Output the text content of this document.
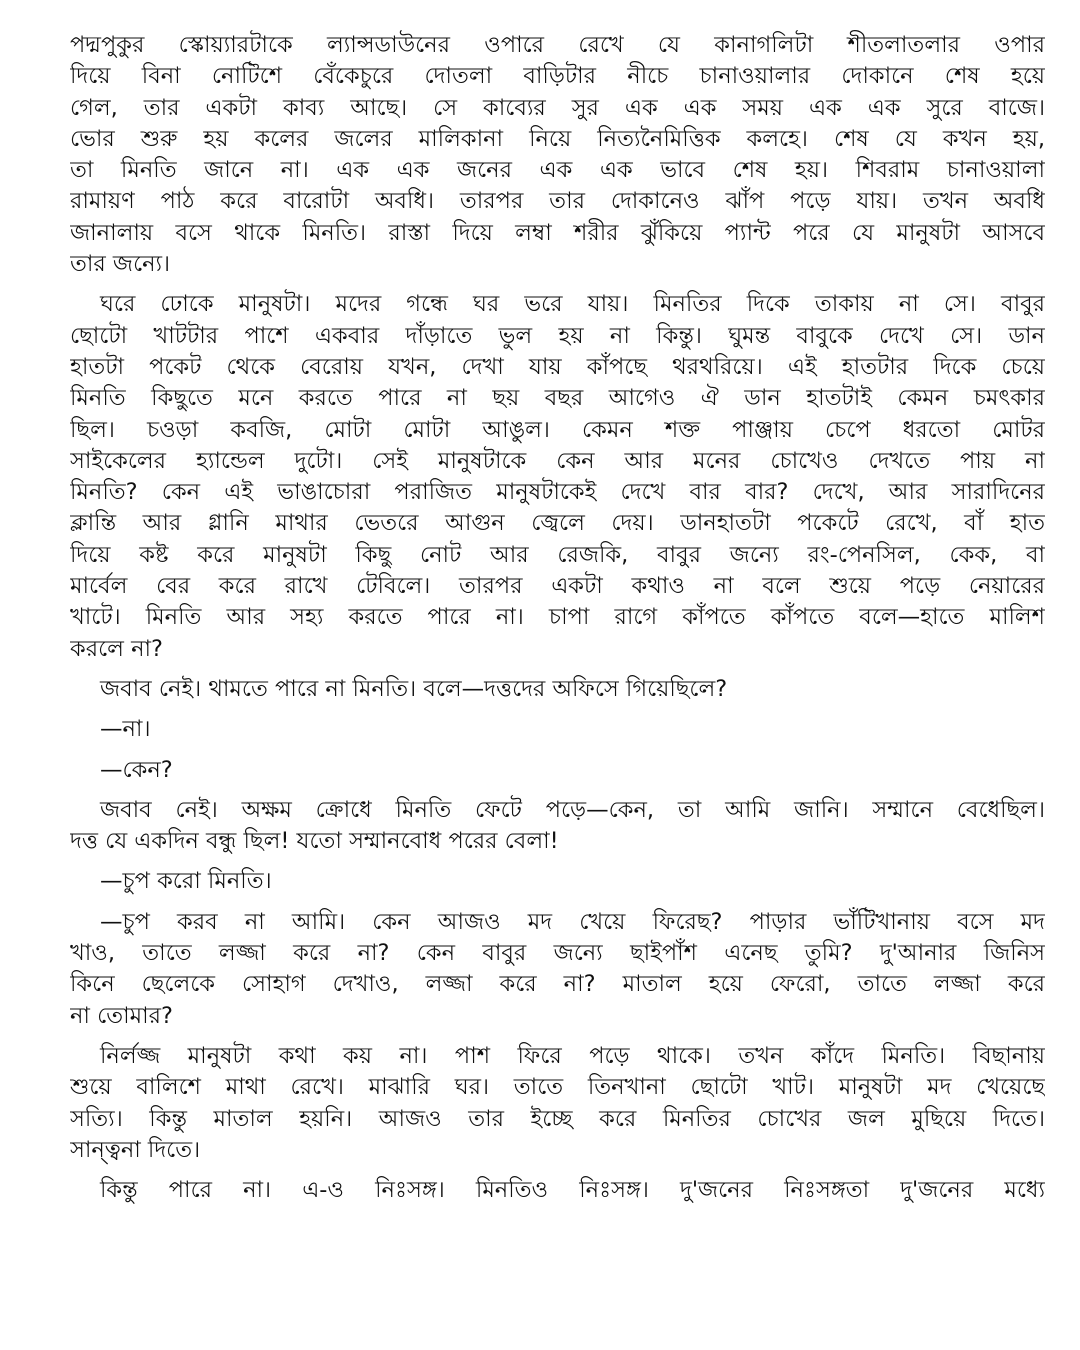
পদ্মপুকুর স্কোয়্যারটাকে ল্যান্সডাউনের ওপারে রেখে যে কানাগলিটা শীতলাতলার ওপার
দিয়ে বিনা নোটিশে বেঁকেচুরে দোতলা বাড়িটার নীচে চানাওয়ালার দোকানে শেষ হয়ে
গেল, তার একটা কাব্য আছে। সে কাব্যের সুর এক এক সময় এক এক সুরে বাজে।
ভোর শুরু হয় কলের জলের মালিকানা নিয়ে নিত্যনৈমিত্তিক কলহে। শেষ যে কখন হয়,
তা মিনতি জানে না। এক এক জনের এক এক ভাবে শেষ হয়। শিবরাম চানাওয়ালা
রামায়ণ পাঠ করে বারোটা অবধি। তারপর তার দোকানেও ঝাঁপ পড়ে যায়। তখন অবধি
জানালায় বসে থাকে মিনতি। রাস্তা দিয়ে লম্বা শরীর ঝুঁকিয়ে প্যান্ট পরে যে মানুষটা আসবে
তার জন্যে।
ঘরে ঢোকে মানুষটা। মদের গন্ধে ঘর ভরে যায়। মিনতির দিকে তাকায় না সে। বাবুর
ছোটো খাটটার পাশে একবার দাঁড়াতে ভুল হয় না কিন্তু। ঘুমন্ত বাবুকে দেখে সে। ডান
হাতটা পকেট থেকে বেরোয় যখন, দেখা যায় কাঁপছে থরথরিয়ে। এই হাতটার দিকে চেয়ে
মিনতি কিছুতে মনে করতে পারে না ছয় বছর আগেও ঐ ডান হাতটাই কেমন চমৎকার
ছিল। চওড়া কবজি, মোটা মোটা আঙুল। কেমন শক্ত পাঞ্জায় চেপে ধরতো মোটর
সাইকেলের হ্যান্ডেল দুটো। সেই মানুষটাকে কেন আর মনের চোখেও দেখতে পায় না
মিনতি? কেন এই ভাঙাচোরা পরাজিত মানুষটাকেই দেখে বার বার? দেখে, আর সারাদিনের
ক্লান্তি আর গ্লানি মাথার ভেতরে আগুন জ্বেলে দেয়। ডানহাতটা পকেটে রেখে, বাঁ হাত
দিয়ে কষ্ট করে মানুষটা কিছু নোট আর রেজকি, বাবুর জন্যে রং-পেনসিল, কেক, বা
মার্বেল বের করে রাখে টেবিলে। তারপর একটা কথাও না বলে শুয়ে পড়ে নেয়ারের
খাটে। মিনতি আর সহ্য করতে পারে না। চাপা রাগে কাঁপতে কাঁপতে বলে—হাতে মালিশ
করলে না?
জবাব নেই। থামতে পারে না মিনতি। বলে—দত্তদের অফিসে গিয়েছিলে?
—না।
—কেন?
জবাব নেই। অক্ষম ক্রোধে মিনতি ফেটে পড়ে—কেন, তা আমি জানি। সম্মানে বেধেছিল।
দত্ত যে একদিন বন্ধু ছিল! যতো সম্মানবোধ পরের বেলা!
—চুপ করো মিনতি।
—চুপ করব না আমি। কেন আজও মদ খেয়ে ফিরেছ? পাড়ার ভাঁটিখানায় বসে মদ
খাও, তাতে লজ্জা করে না? কেন বাবুর জন্যে ছাইপাঁশ এনেছ তুমি? দু'আনার জিনিস
কিনে ছেলেকে সোহাগ দেখাও, লজ্জা করে না? মাতাল হয়ে ফেরো, তাতে লজ্জা করে
না তোমার?
নির্লজ্জ মানুষটা কথা কয় না। পাশ ফিরে পড়ে থাকে। তখন কাঁদে মিনতি। বিছানায়
শুয়ে বালিশে মাথা রেখে। মাঝারি ঘর। তাতে তিনখানা ছোটো খাট। মানুষটা মদ খেয়েছে
সত্যি। কিন্তু মাতাল হয়নি। আজও তার ইচ্ছে করে মিনতির চোখের জল মুছিয়ে দিতে।
সান্ত্বনা দিতে।
কিন্তু পারে না। এ-ও নিঃসঙ্গ। মিনতিও নিঃসঙ্গ। দু'জনের নিঃসঙ্গতা দু'জনের মধ্যে
